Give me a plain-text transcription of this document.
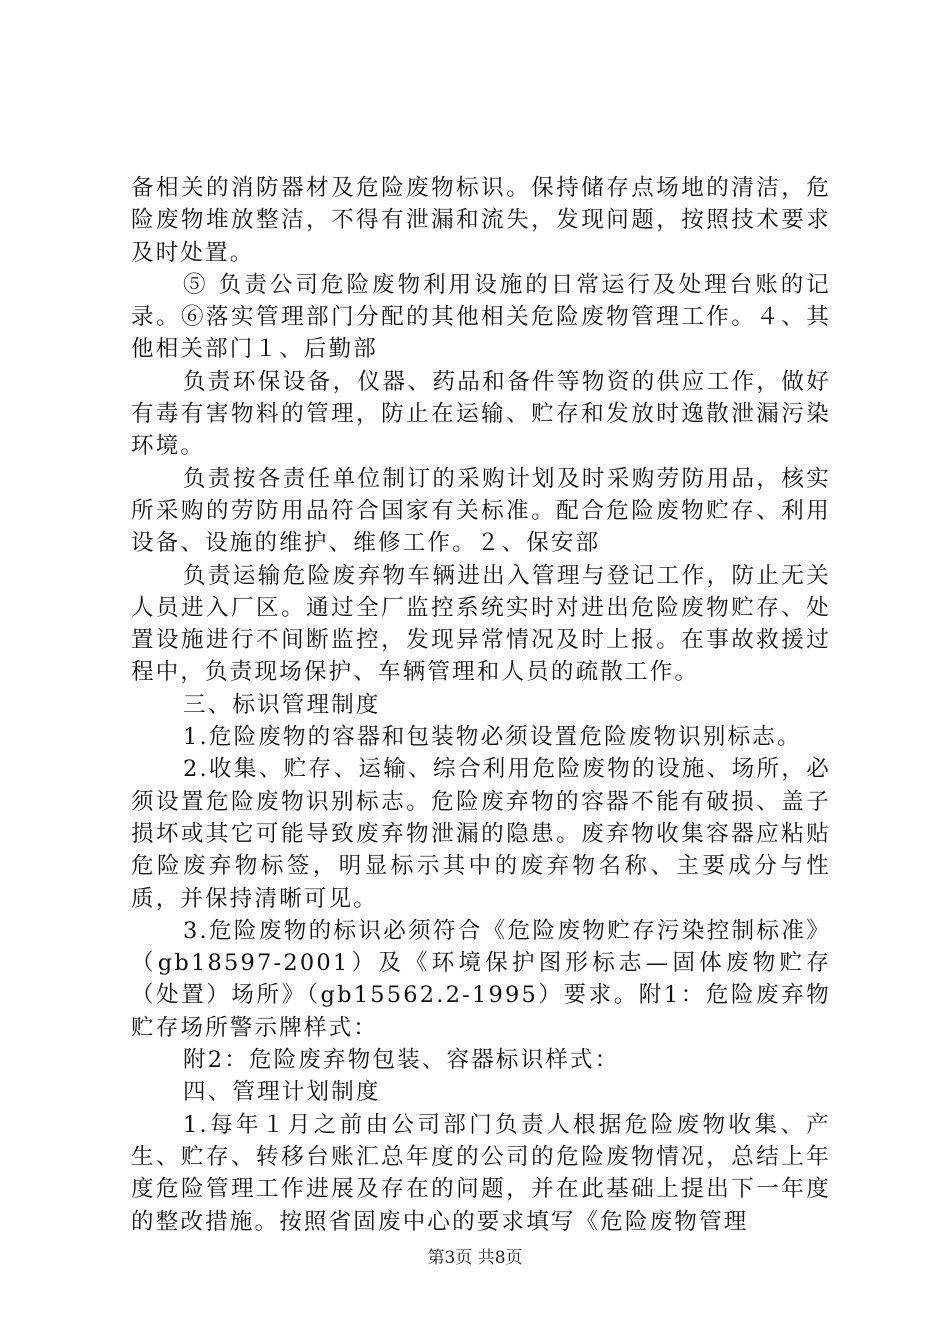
备相关的消防器材及危险废物标识。保持储存点场地的清洁，危险废物堆放整洁，不得有泄漏和流失，发现问题，按照技术要求及时处置。

⑤ 负责公司危险废物利用设施的日常运行及处理台账的记录。⑥落实管理部门分配的其他相关危险废物管理工作。４、其他相关部门１、后勤部

负责环保设备，仪器、药品和备件等物资的供应工作，做好有毒有害物料的管理，防止在运输、贮存和发放时逸散泄漏污染环境。

负责按各责任单位制订的采购计划及时采购劳防用品，核实所采购的劳防用品符合国家有关标准。配合危险废物贮存、利用设备、设施的维护、维修工作。２、保安部

负责运输危险废弃物车辆进出入管理与登记工作，防止无关人员进入厂区。通过全厂监控系统实时对进出危险废物贮存、处置设施进行不间断监控，发现异常情况及时上报。在事故救援过程中，负责现场保护、车辆管理和人员的疏散工作。

三、标识管理制度

1.危险废物的容器和包装物必须设置危险废物识别标志。

2.收集、贮存、运输、综合利用危险废物的设施、场所，必须设置危险废物识别标志。危险废弃物的容器不能有破损、盖子损坏或其它可能导致废弃物泄漏的隐患。废弃物收集容器应粘贴危险废弃物标签，明显标示其中的废弃物名称、主要成分与性质，并保持清晰可见。

3.危险废物的标识必须符合《危险废物贮存污染控制标准》（gb18597-2001）及《环境保护图形标志—固体废物贮存（处置）场所》（gb15562.2-1995）要求。附1：危险废弃物贮存场所警示牌样式：

附2：危险废弃物包装、容器标识样式：

四、管理计划制度

1.每年１月之前由公司部门负责人根据危险废物收集、产生、贮存、转移台账汇总年度的公司的危险废物情况，总结上年度危险管理工作进展及存在的问题，并在此基础上提出下一年度的整改措施。按照省固废中心的要求填写《危险废物管理

第3页 共8页
